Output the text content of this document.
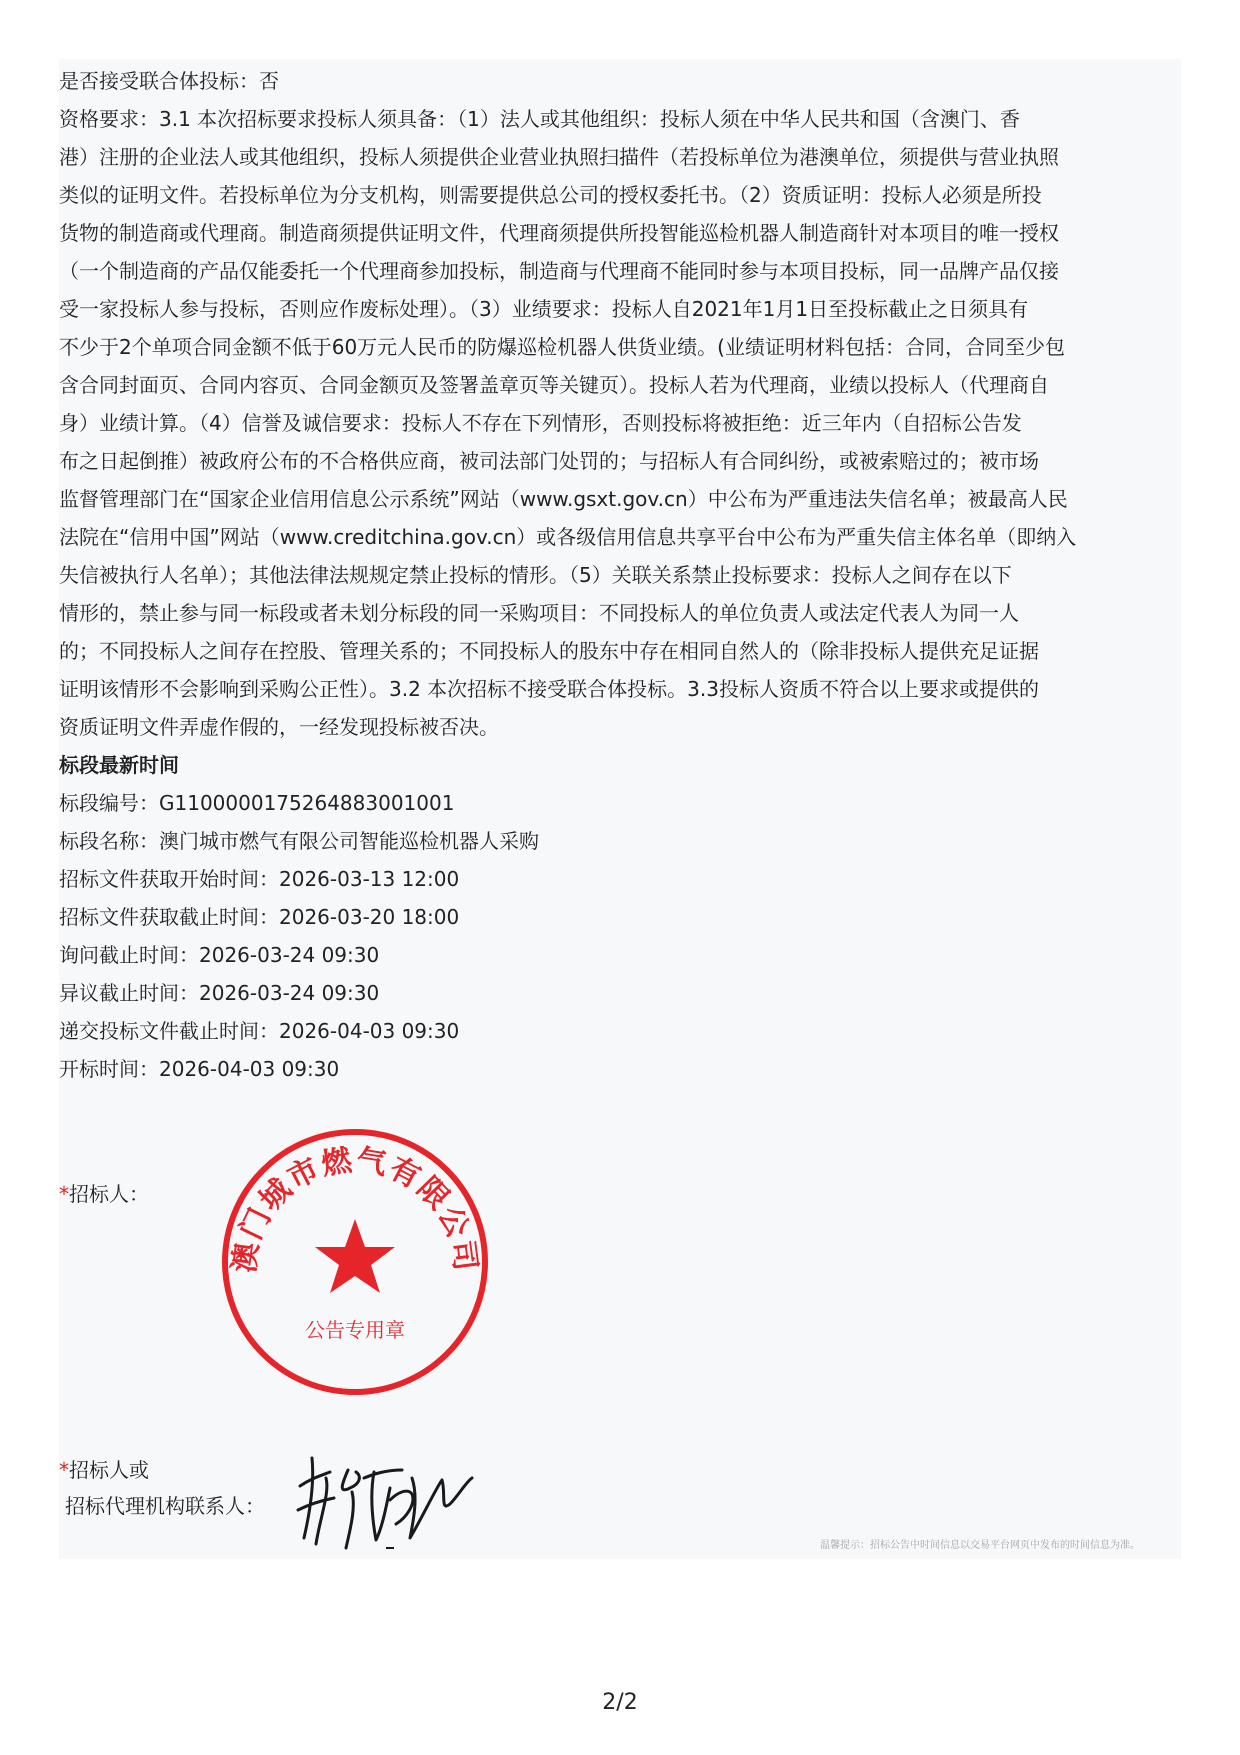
是否接受联合体投标：否
资格要求：3.1 本次招标要求投标人须具备：（1）法人或其他组织：投标人须在中华人民共和国（含澳门、香
港）注册的企业法人或其他组织，投标人须提供企业营业执照扫描件（若投标单位为港澳单位，须提供与营业执照
类似的证明文件。若投标单位为分支机构，则需要提供总公司的授权委托书。（2）资质证明：投标人必须是所投
货物的制造商或代理商。制造商须提供证明文件，代理商须提供所投智能巡检机器人制造商针对本项目的唯一授权
（一个制造商的产品仅能委托一个代理商参加投标，制造商与代理商不能同时参与本项目投标，同一品牌产品仅接
受一家投标人参与投标，否则应作废标处理）。（3）业绩要求：投标人自2021年1月1日至投标截止之日须具有
不少于2个单项合同金额不低于60万元人民币的防爆巡检机器人供货业绩。(业绩证明材料包括：合同，合同至少包
含合同封面页、合同内容页、合同金额页及签署盖章页等关键页）。投标人若为代理商，业绩以投标人（代理商自
身）业绩计算。（4）信誉及诚信要求：投标人不存在下列情形，否则投标将被拒绝：近三年内（自招标公告发
布之日起倒推）被政府公布的不合格供应商，被司法部门处罚的；与招标人有合同纠纷，或被索赔过的；被市场
监督管理部门在“国家企业信用信息公示系统”网站（www.gsxt.gov.cn）中公布为严重违法失信名单；被最高人民
法院在“信用中国”网站（www.creditchina.gov.cn）或各级信用信息共享平台中公布为严重失信主体名单（即纳入
失信被执行人名单）；其他法律法规规定禁止投标的情形。（5）关联关系禁止投标要求：投标人之间存在以下
情形的，禁止参与同一标段或者未划分标段的同一采购项目：不同投标人的单位负责人或法定代表人为同一人
的；不同投标人之间存在控股、管理关系的；不同投标人的股东中存在相同自然人的（除非投标人提供充足证据
证明该情形不会影响到采购公正性）。3.2 本次招标不接受联合体投标。3.3投标人资质不符合以上要求或提供的
资质证明文件弄虚作假的，一经发现投标被否决。
标段最新时间
标段编号：G11000001752648830010​01
标段名称：澳门城市燃气有限公司智能巡检机器人采购
招标文件获取开始时间：2026-03-13 12:00
招标文件获取截止时间：2026-03-20 18:00
询问截止时间：2026-03-24 09:30
异议截止时间：2026-03-24 09:30
递交投标文件截止时间：2026-04-03 09:30
开标时间：2026-04-03 09:30
*招标人：
澳门城市燃气有限公司
公告专用章
*招标人或
招标代理机构联系人：
温馨提示：招标公告中时间信息以交易平台网页中发布的时间信息为准。
2/2
